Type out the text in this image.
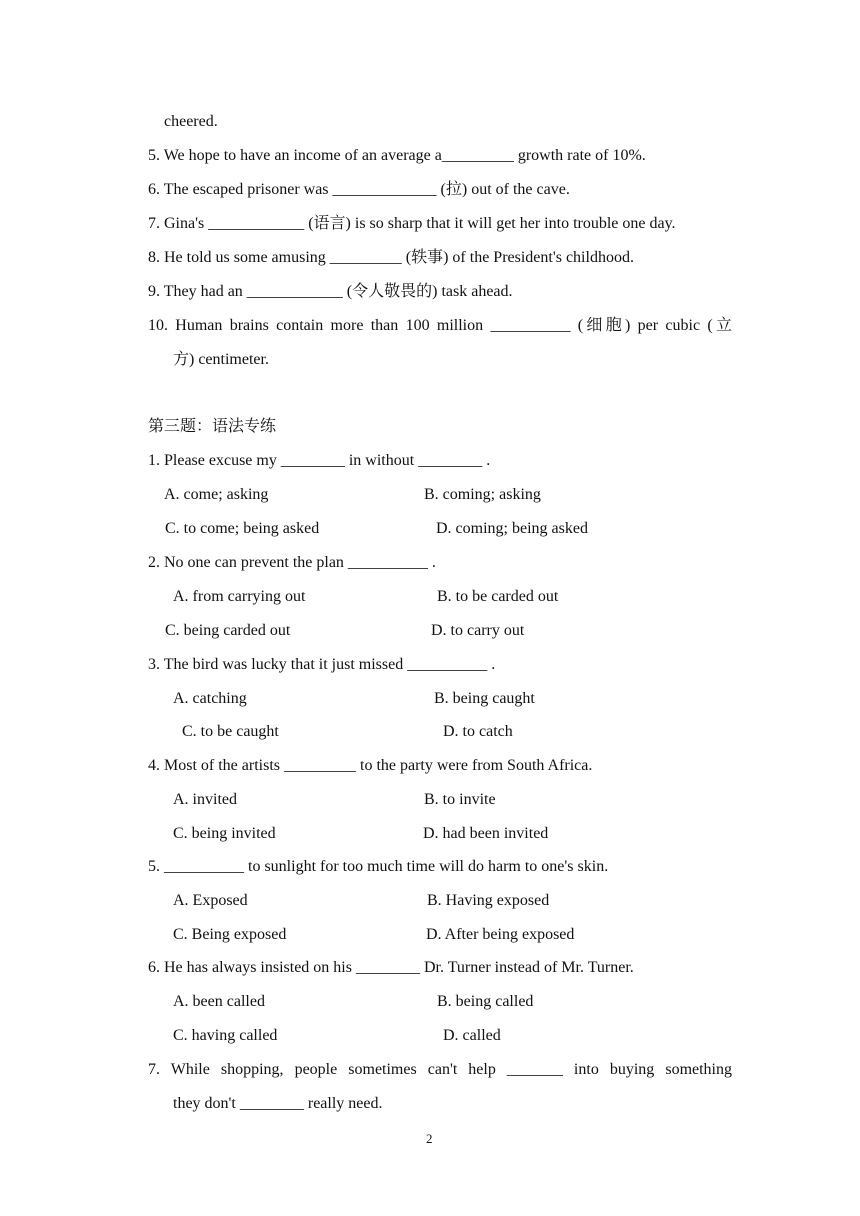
cheered.
5. We hope to have an income of an average a_________ growth rate of 10%.
6. The escaped prisoner was _____________ (拉) out of the cave.
7. Gina's ____________ (语言) is so sharp that it will get her into trouble one day.
8. He told us some amusing _________ (轶事) of the President's childhood.
9. They had an ____________ (令人敬畏的) task ahead.
10. Human brains contain more than 100 million __________ (细胞) per cubic (立
方) centimeter.
第三题：语法专练
1. Please excuse my ________ in without ________ .
A. come; asking	B. coming; asking
C. to come; being asked	D. coming; being asked
2. No one can prevent the plan __________ .
A. from carrying out	B. to be carded out
C. being carded out	D. to carry out
3. The bird was lucky that it just missed __________ .
A. catching	B. being caught
C. to be caught	D. to catch
4. Most of the artists _________ to the party were from South Africa.
A. invited	B. to invite
C. being invited	D. had been invited
5. __________ to sunlight for too much time will do harm to one's skin.
A. Exposed	B. Having exposed
C. Being exposed	D. After being exposed
6. He has always insisted on his ________ Dr. Turner instead of Mr. Turner.
A. been called	B. being called
C. having called	D. called
7. While shopping, people sometimes can't help _______ into buying something
they don't ________ really need.
2
